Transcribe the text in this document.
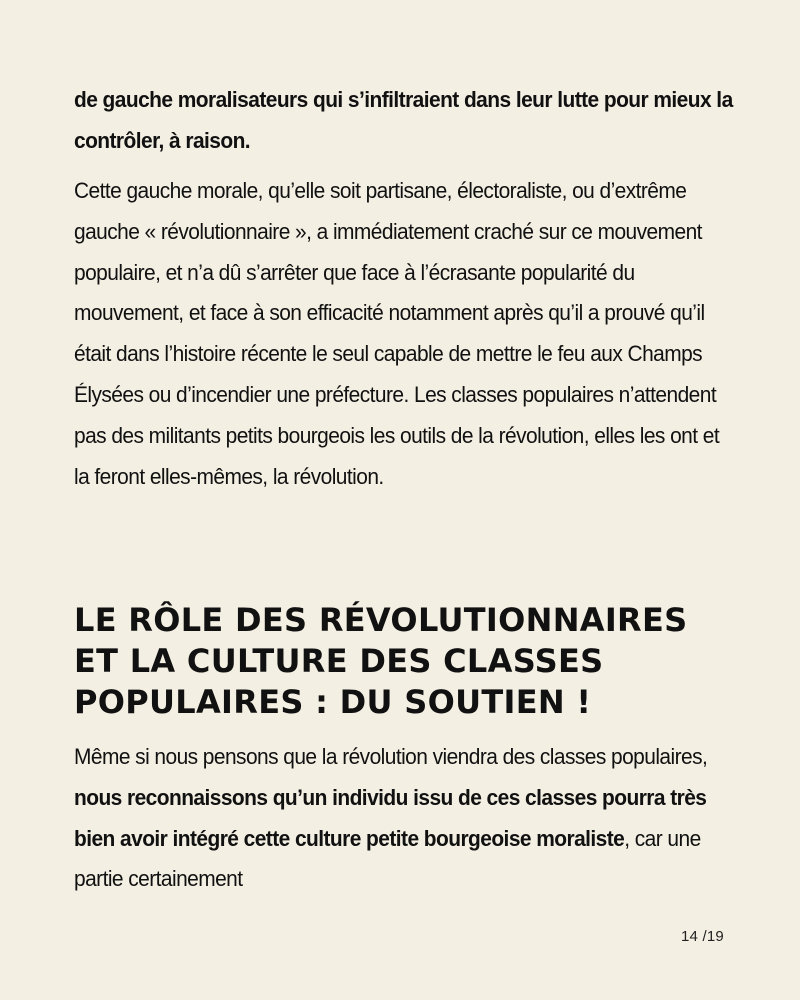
de gauche moralisateurs qui s’infiltraient dans leur lutte pour mieux la contrôler, à raison.

Cette gauche morale, qu’elle soit partisane, électoraliste, ou d’extrême gauche « révolutionnaire », a immédiatement craché sur ce mouvement populaire, et n’a dû s’arrêter que face à l’écrasante popularité du mouvement, et face à son efficacité notamment après qu’il a prouvé qu’il était dans l’histoire récente le seul capable de mettre le feu aux Champs Élysées ou d’incendier une préfecture. Les classes populaires n’attendent pas des militants petits bourgeois les outils de la révolution, elles les ont et la feront elles-mêmes, la révolution.

LE RÔLE DES RÉVOLUTIONNAIRES
ET LA CULTURE DES CLASSES
POPULAIRES : DU SOUTIEN !

Même si nous pensons que la révolution viendra des classes populaires, nous reconnaissons qu’un individu issu de ces classes pourra très bien avoir intégré cette culture petite bourgeoise moraliste, car une partie certainement

14 /19
